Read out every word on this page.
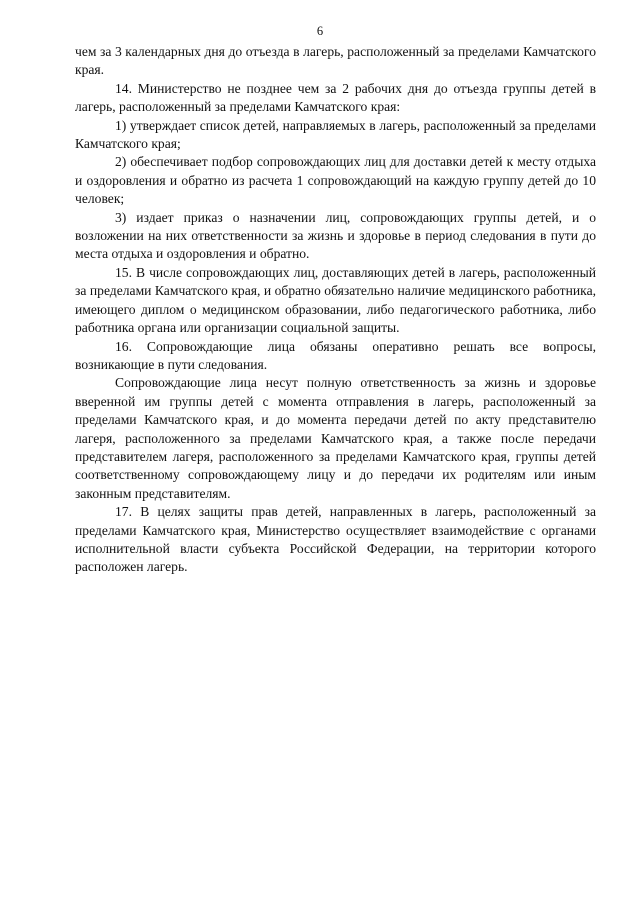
6

чем за 3 календарных дня до отъезда в лагерь, расположенный за пределами Камчатского края.

14. Министерство не позднее чем за 2 рабочих дня до отъезда группы детей в лагерь, расположенный за пределами Камчатского края:

1) утверждает список детей, направляемых в лагерь, расположенный за пределами Камчатского края;

2) обеспечивает подбор сопровождающих лиц для доставки детей к месту отдыха и оздоровления и обратно из расчета 1 сопровождающий на каждую группу детей до 10 человек;

3) издает приказ о назначении лиц, сопровождающих группы детей, и о возложении на них ответственности за жизнь и здоровье в период следования в пути до места отдыха и оздоровления и обратно.

15. В числе сопровождающих лиц, доставляющих детей в лагерь, расположенный за пределами Камчатского края, и обратно обязательно наличие медицинского работника, имеющего диплом о медицинском образовании, либо педагогического работника, либо работника органа или организации социальной защиты.

16. Сопровождающие лица обязаны оперативно решать все вопросы, возникающие в пути следования.

Сопровождающие лица несут полную ответственность за жизнь и здоровье вверенной им группы детей с момента отправления в лагерь, расположенный за пределами Камчатского края, и до момента передачи детей по акту представителю лагеря, расположенного за пределами Камчатского края, а также после передачи представителем лагеря, расположенного за пределами Камчатского края, группы детей соответственному сопровождающему лицу и до передачи их родителям или иным законным представителям.

17. В целях защиты прав детей, направленных в лагерь, расположенный за пределами Камчатского края, Министерство осуществляет взаимодействие с органами исполнительной власти субъекта Российской Федерации, на территории которого расположен лагерь.
